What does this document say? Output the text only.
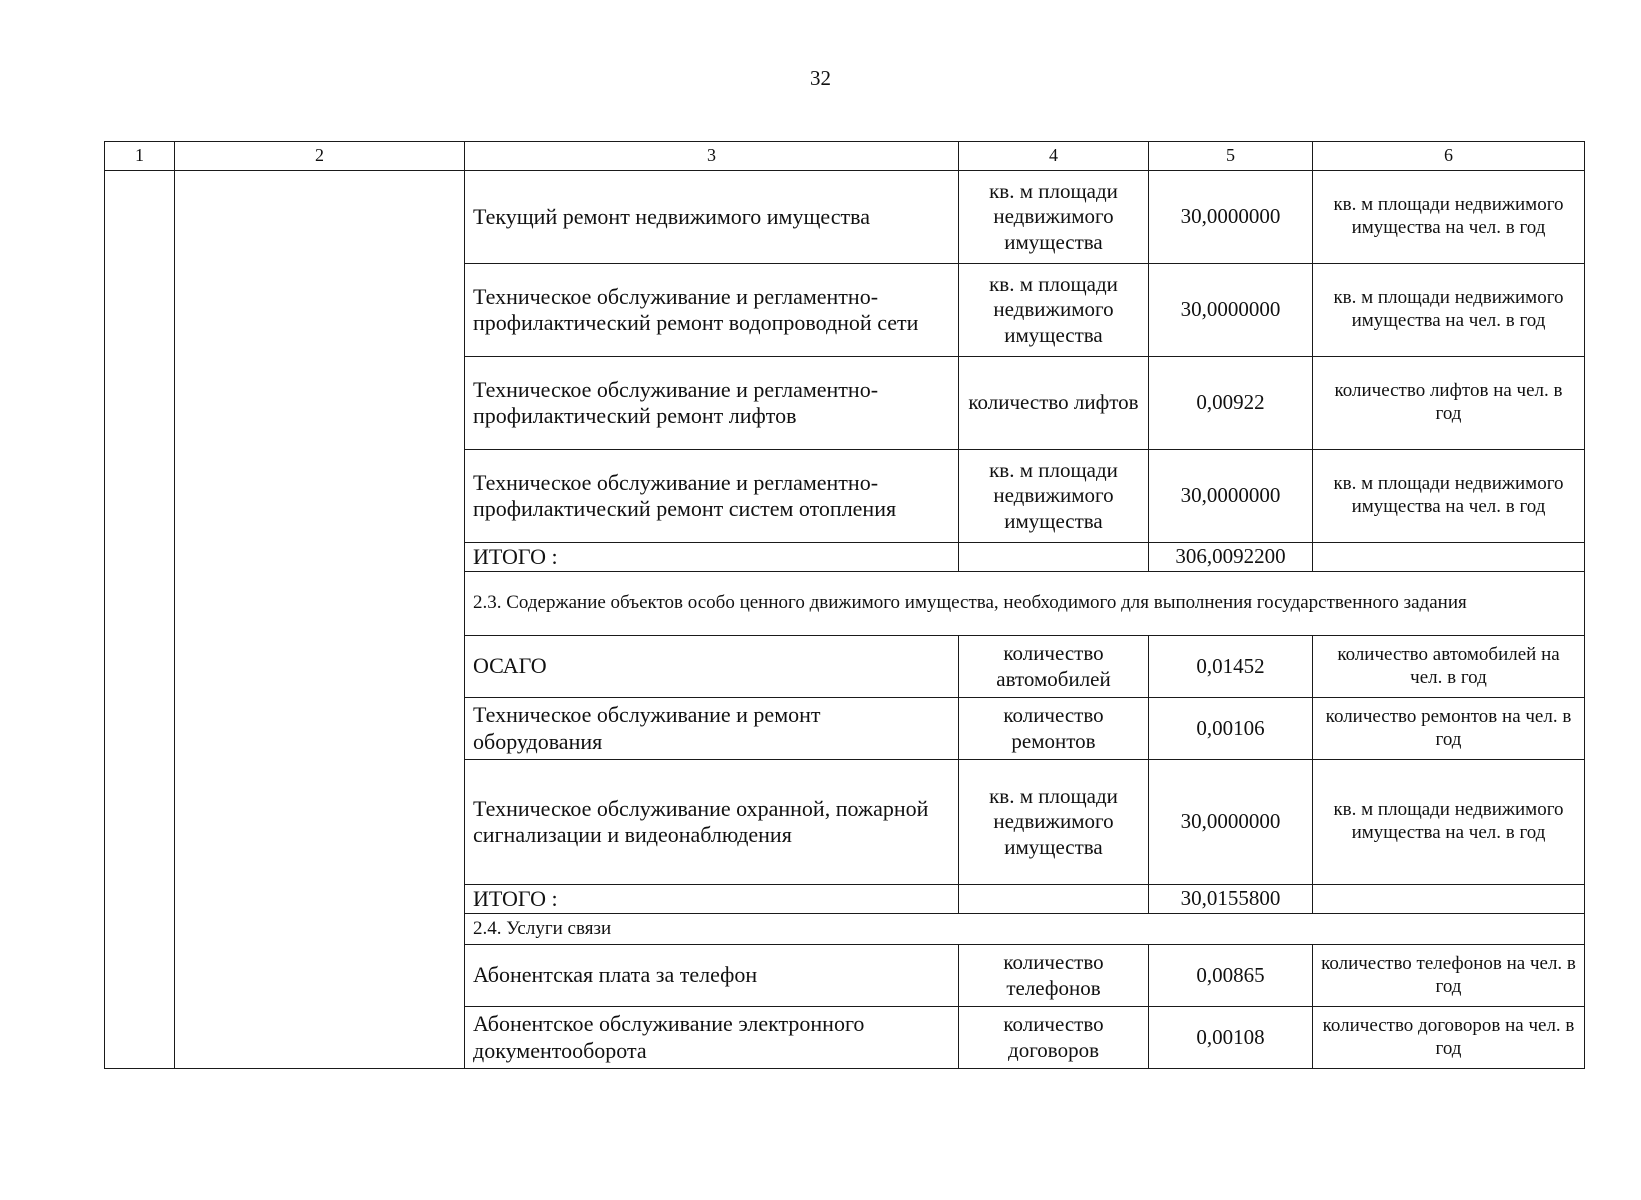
32
1	2	3	4	5	6
		Текущий ремонт недвижимого имущества	кв. м площади недвижимого имущества	30,0000000	кв. м площади недвижимого имущества на чел. в год
		Техническое обслуживание и регламентно-профилактический ремонт водопроводной сети	кв. м площади недвижимого имущества	30,0000000	кв. м площади недвижимого имущества на чел. в год
		Техническое обслуживание и регламентно-профилактический ремонт лифтов	количество лифтов	0,00922	количество лифтов на чел. в год
		Техническое обслуживание и регламентно-профилактический ремонт систем отопления	кв. м площади недвижимого имущества	30,0000000	кв. м площади недвижимого имущества на чел. в год
		ИТОГО :		306,0092200	
		2.3. Содержание объектов особо ценного движимого имущества, необходимого для выполнения государственного задания			
		ОСАГО	количество автомобилей	0,01452	количество автомобилей на чел. в год
		Техническое обслуживание и ремонт оборудования	количество ремонтов	0,00106	количество ремонтов на чел. в год
		Техническое обслуживание охранной, пожарной сигнализации и видеонаблюдения	кв. м площади недвижимого имущества	30,0000000	кв. м площади недвижимого имущества на чел. в год
		ИТОГО :		30,0155800	
		2.4. Услуги связи			
		Абонентская плата за телефон	количество телефонов	0,00865	количество телефонов на чел. в год
		Абонентское обслуживание электронного документооборота	количество договоров	0,00108	количество договоров на чел. в год
